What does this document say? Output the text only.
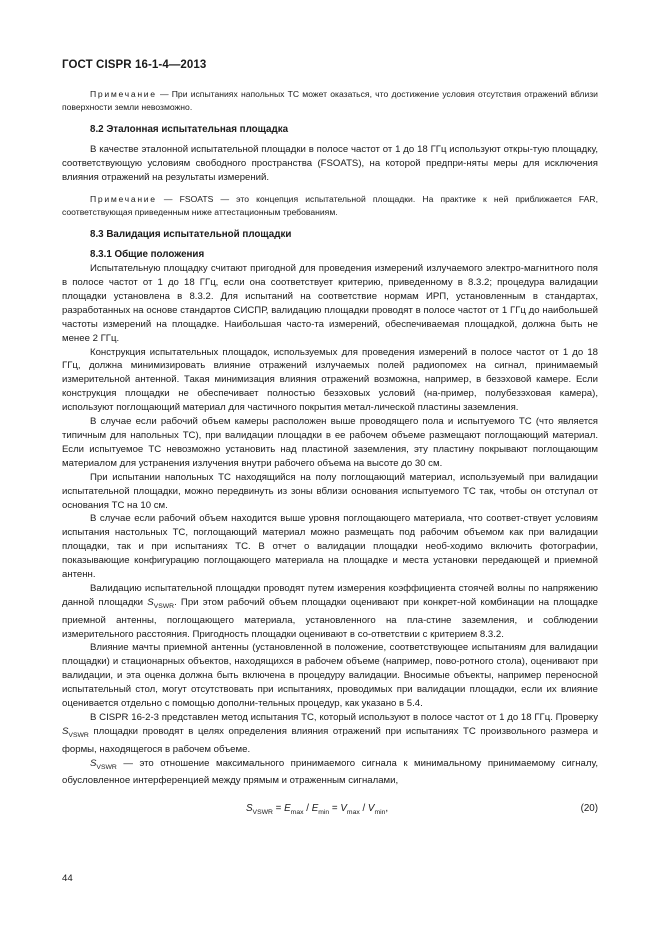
ГОСТ CISPR 16-1-4—2013

Примечание — При испытаниях напольных ТС может оказаться, что достижение условия отсутствия отражений вблизи поверхности земли невозможно.

8.2 Эталонная испытательная площадка

В качестве эталонной испытательной площадки в полосе частот от 1 до 18 ГГц используют откры-тую площадку, соответствующую условиям свободного пространства (FSOATS), на которой предпри-няты меры для исключения влияния отражений на результаты измерений.

Примечание — FSOATS — это концепция испытательной площадки. На практике к ней приближается FAR, соответствующая приведенным ниже аттестационным требованиям.

8.3 Валидация испытательной площадки
8.3.1 Общие положения

Испытательную площадку считают пригодной для проведения измерений излучаемого электро-магнитного поля в полосе частот от 1 до 18 ГГц, если она соответствует критерию, приведенному в 8.3.2; процедура валидации площадки установлена в 8.3.2. Для испытаний на соответствие нормам ИРП, установленным в стандартах, разработанных на основе стандартов СИСПР, валидацию площадки проводят в полосе частот от 1 ГГц до наибольшей частоты измерений на площадке. Наибольшая часто-та измерений, обеспечиваемая площадкой, должна быть не менее 2 ГГц.

Конструкция испытательных площадок, используемых для проведения измерений в полосе частот от 1 до 18 ГГц, должна минимизировать влияние отражений излучаемых полей радиопомех на сигнал, принимаемый измерительной антенной. Такая минимизация влияния отражений возможна, например, в безэховой камере. Если конструкция площадки не обеспечивает полностью безэховых условий (на-пример, полубезэховая камера), используют поглощающий материал для частичного покрытия метал-лической пластины заземления.

В случае если рабочий объем камеры расположен выше проводящего пола и испытуемого ТС (что является типичным для напольных ТС), при валидации площадки в ее рабочем объеме размещают поглощающий материал. Если испытуемое ТС невозможно установить над пластиной заземления, эту пластину покрывают поглощающим материалом для устранения излучения внутри рабочего объема на высоте до 30 см.

При испытании напольных ТС находящийся на полу поглощающий материал, используемый при валидации испытательной площадки, можно передвинуть из зоны вблизи основания испытуемого ТС так, чтобы он отступал от основания ТС на 10 см.

В случае если рабочий объем находится выше уровня поглощающего материала, что соответ-ствует условиям испытания настольных ТС, поглощающий материал можно размещать под рабочим объемом как при валидации площадки, так и при испытаниях ТС. В отчет о валидации площадки необ-ходимо включить фотографии, показывающие конфигурацию поглощающего материала на площадке и места установки передающей и приемной антенн.

Валидацию испытательной площадки проводят путем измерения коэффициента стоячей волны по напряжению данной площадки $S_{VSWR}$. При этом рабочий объем площадки оценивают при конкрет-ной комбинации на площадке приемной антенны, поглощающего материала, установленного на пла-стине заземления, и соблюдении измерительного расстояния. Пригодность площадки оценивают в со-ответствии с критерием 8.3.2.

Влияние мачты приемной антенны (установленной в положение, соответствующее испытаниям для валидации площадки) и стационарных объектов, находящихся в рабочем объеме (например, пово-ротного стола), оценивают при валидации, и эта оценка должна быть включена в процедуру валидации. Вносимые объекты, например переносной испытательный стол, могут отсутствовать при испытаниях, проводимых при валидации площадки, если их влияние оценивается отдельно с помощью дополни-тельных процедур, как указано в 5.4.

В CISPR 16-2-3 представлен метод испытания ТС, который используют в полосе частот от 1 до 18 ГГц. Проверку $S_{VSWR}$ площадки проводят в целях определения влияния отражений при испытаниях ТС произвольного размера и формы, находящегося в рабочем объеме.

$S_{VSWR}$ — это отношение максимального принимаемого сигнала к минимальному принимаемому сигналу, обусловленное интерференцией между прямым и отраженным сигналами,

$S_{VSWR} = E_{max} / E_{min} = V_{max} / V_{min}$,	(20)
44
